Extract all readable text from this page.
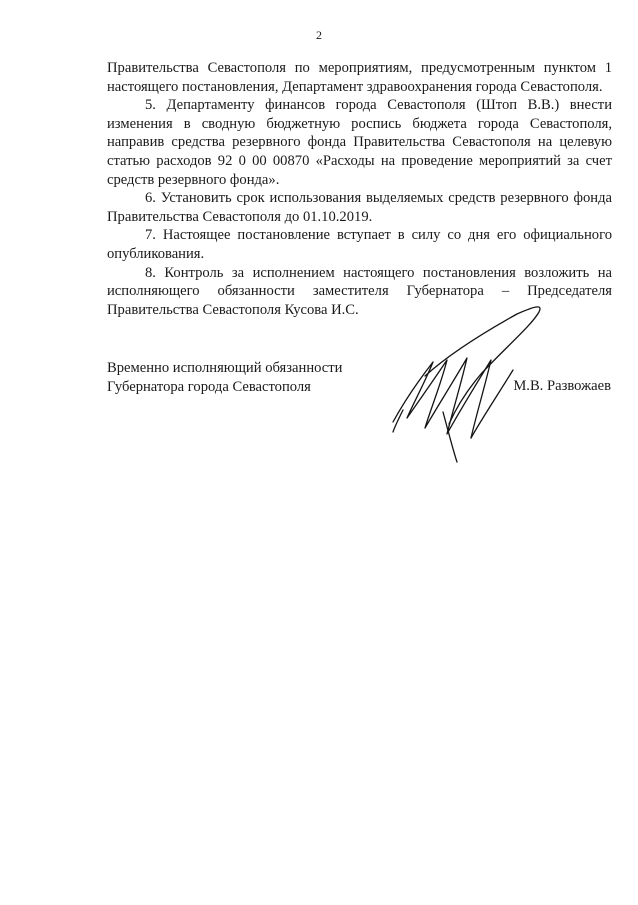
2

Правительства Севастополя по мероприятиям, предусмотренным пунктом 1 настоящего постановления, Департамент здравоохранения города Севастополя.

5. Департаменту финансов города Севастополя (Штоп В.В.) внести изменения в сводную бюджетную роспись бюджета города Севастополя, направив средства резервного фонда Правительства Севастополя на целевую статью расходов 92 0 00 00870 «Расходы на проведение мероприятий за счет средств резервного фонда».

6. Установить срок использования выделяемых средств резервного фонда Правительства Севастополя до 01.10.2019.

7. Настоящее постановление вступает в силу со дня его официального опубликования.

8. Контроль за исполнением настоящего постановления возложить на исполняющего обязанности заместителя Губернатора – Председателя Правительства Севастополя Кусова И.С.

Временно исполняющий обязанности
Губернатора города Севастополя	М.В. Развожаев
